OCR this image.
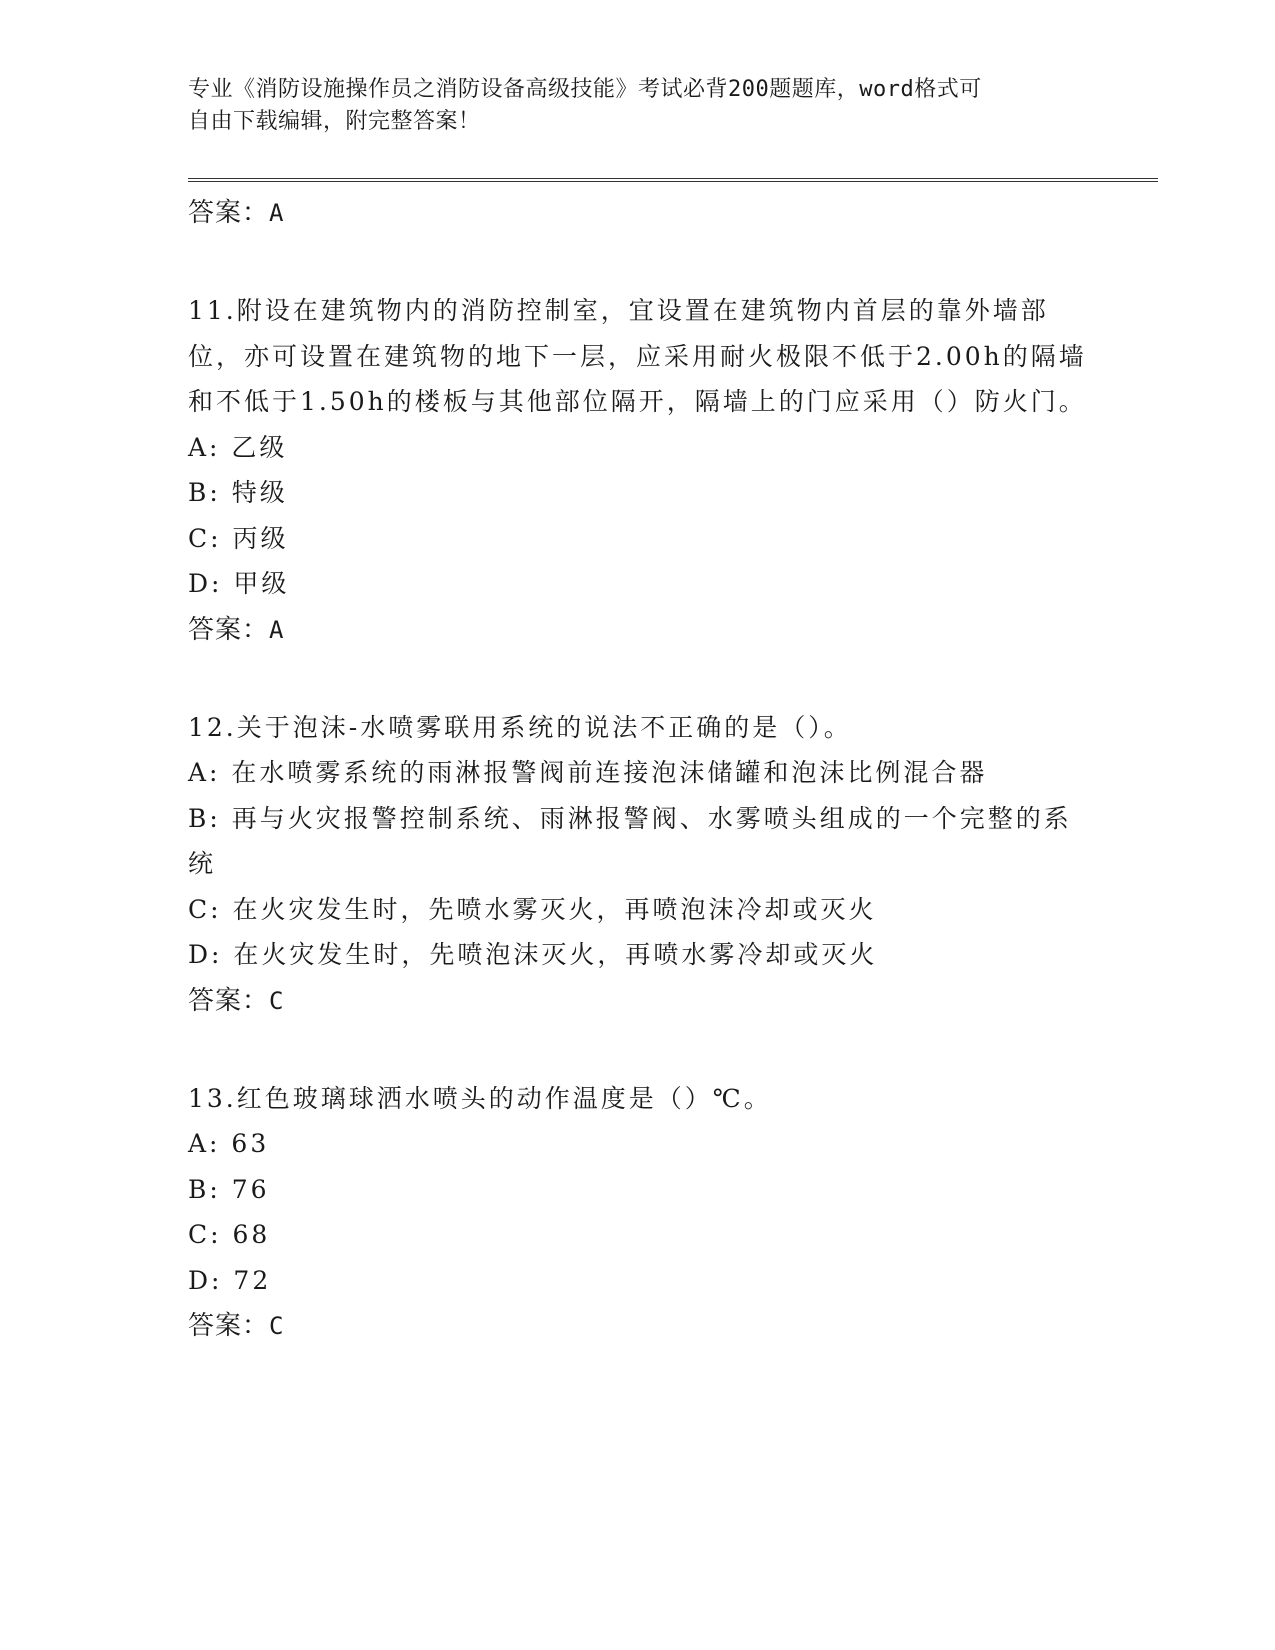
专业《消防设施操作员之消防设备高级技能》考试必背200题题库，word格式可
自由下载编辑，附完整答案！
答案：A
11.附设在建筑物内的消防控制室，宜设置在建筑物内首层的靠外墙部位，亦可设置在建筑物的地下一层，应采用耐火极限不低于2.00h的隔墙和不低于1.50h的楼板与其他部位隔开，隔墙上的门应采用（）防火门。
A: 乙级
B: 特级
C: 丙级
D: 甲级
答案：A
12.关于泡沫-水喷雾联用系统的说法不正确的是（）。
A: 在水喷雾系统的雨淋报警阀前连接泡沫储罐和泡沫比例混合器
B: 再与火灾报警控制系统、雨淋报警阀、水雾喷头组成的一个完整的系统
C: 在火灾发生时，先喷水雾灭火，再喷泡沫冷却或灭火
D: 在火灾发生时，先喷泡沫灭火，再喷水雾冷却或灭火
答案：C
13.红色玻璃球洒水喷头的动作温度是（）℃。
A: 63
B: 76
C: 68
D: 72
答案：C
